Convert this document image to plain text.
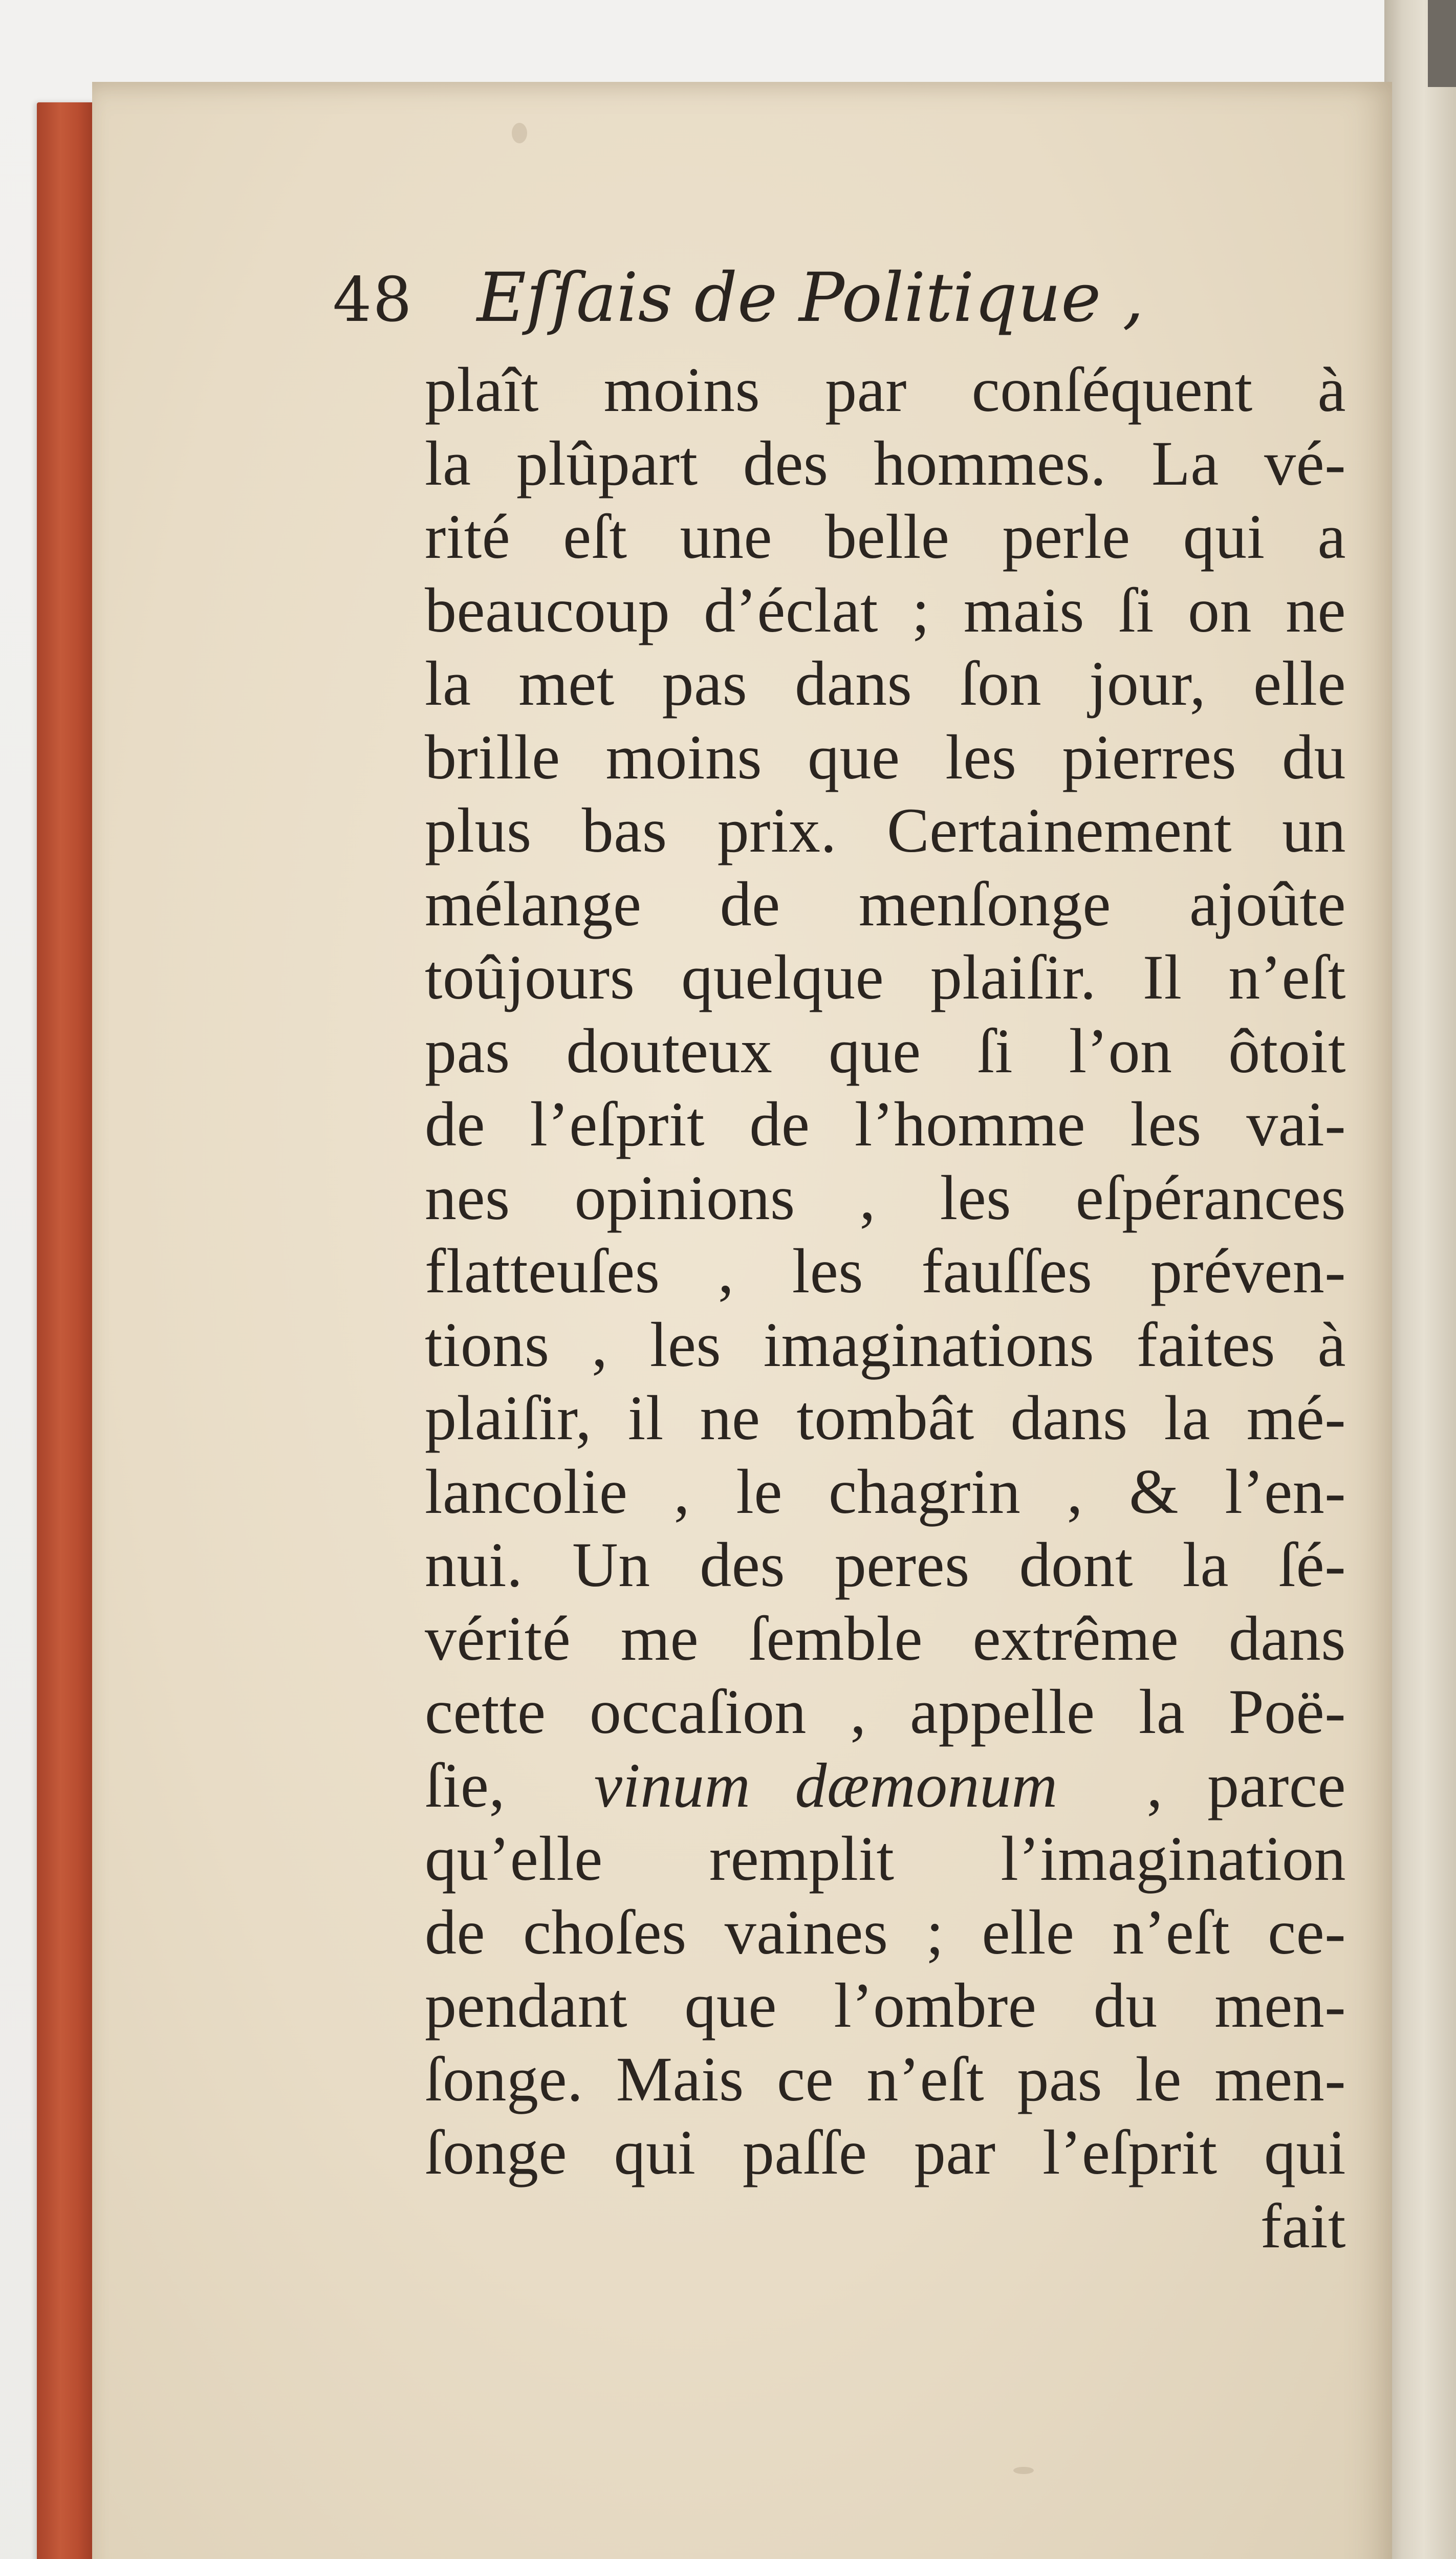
48 Eſſais de Politique ,
plaît moins par conſéquent à
la plûpart des hommes. La vé-
rité eſt une belle perle qui a
beaucoup d’éclat ; mais ſi on ne
la met pas dans ſon jour, elle
brille moins que les pierres du
plus bas prix. Certainement un
mélange de menſonge ajoûte
toûjours quelque plaiſir. Il n’eſt
pas douteux que ſi l’on ôtoit
de l’eſprit de l’homme les vai-
nes opinions , les eſpérances
flatteuſes , les fauſſes préven-
tions , les imaginations faites à
plaiſir, il ne tombât dans la mé-
lancolie , le chagrin , & l’en-
nui. Un des peres dont la ſé-
vérité me ſemble extrême dans
cette occaſion , appelle la Poë-
ſie, vinum dæmonum , parce
qu’elle remplit l’imagination
de choſes vaines ; elle n’eſt ce-
pendant que l’ombre du men-
ſonge. Mais ce n’eſt pas le men-
ſonge qui paſſe par l’eſprit qui
fait
